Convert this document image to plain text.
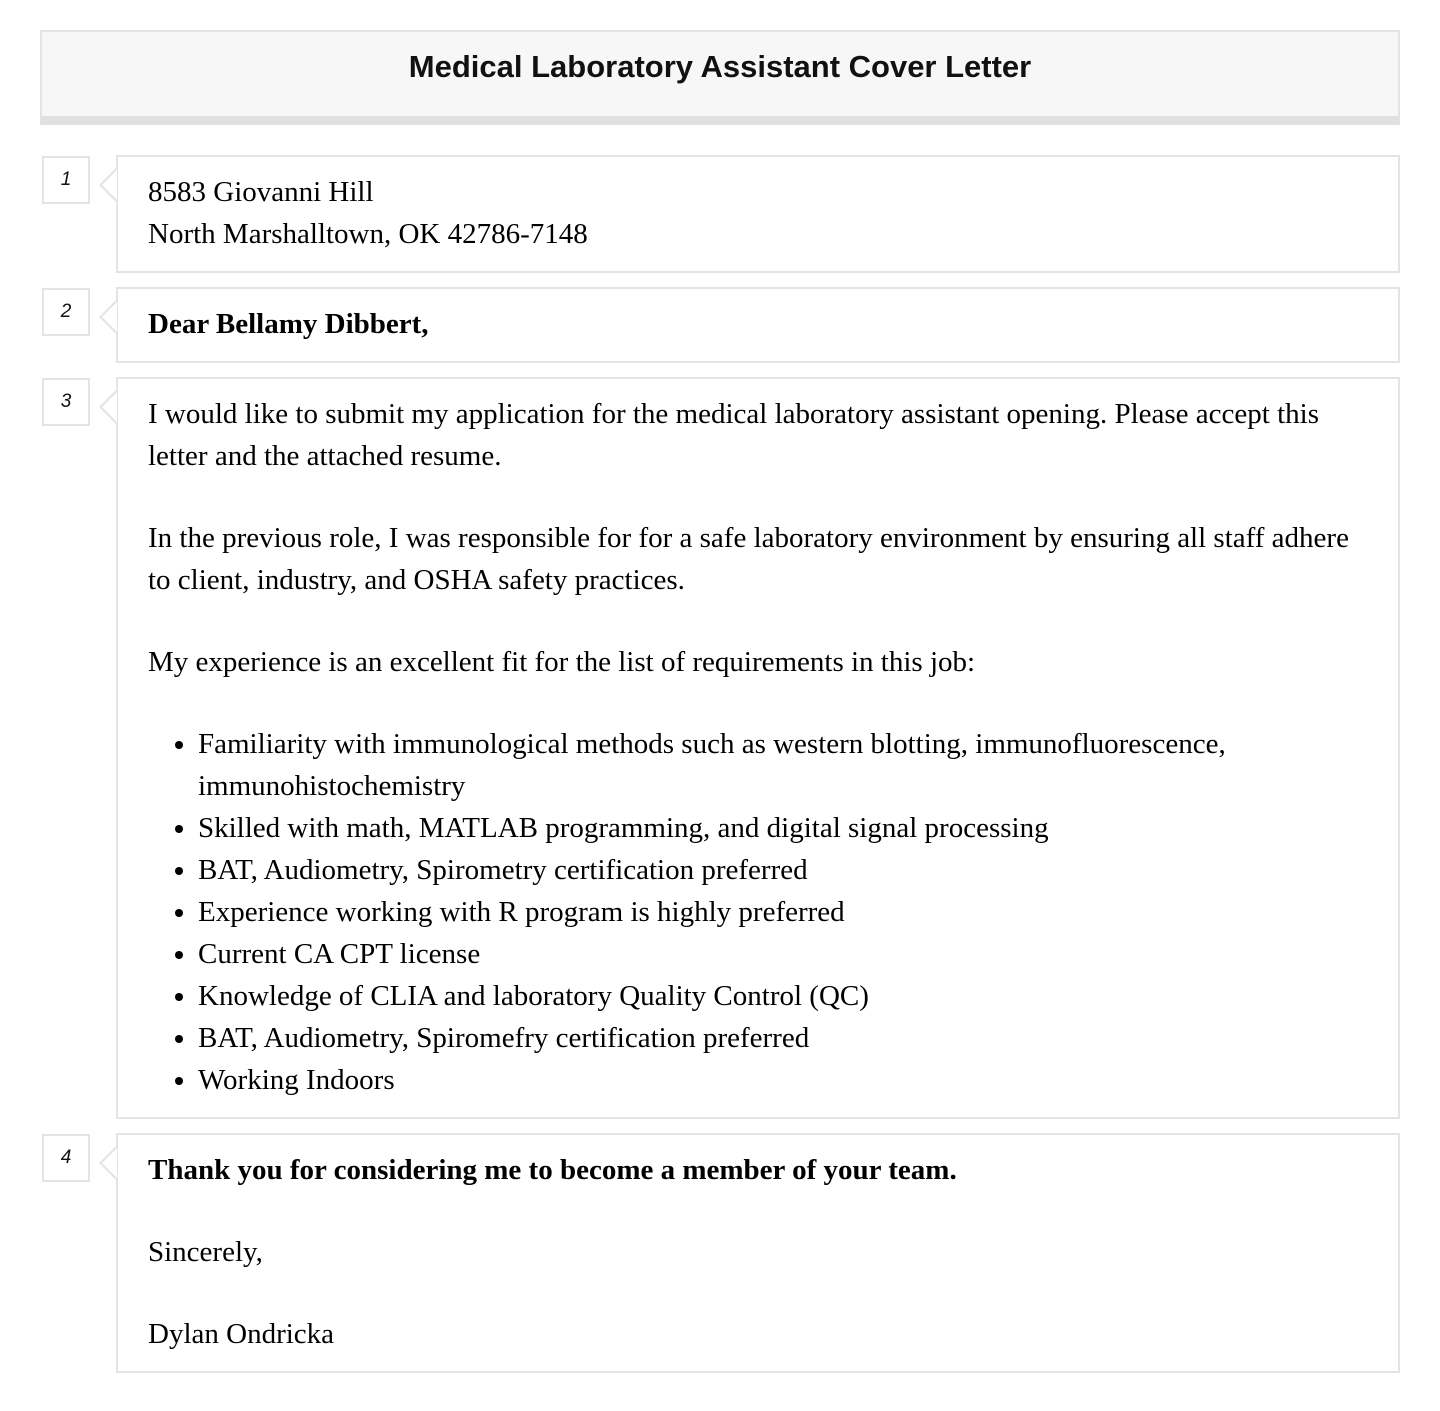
Medical Laboratory Assistant Cover Letter
1	8583 Giovanni Hill
North Marshalltown, OK 42786-7148
2	Dear Bellamy Dibbert,
3	I would like to submit my application for the medical laboratory assistant opening. Please accept this letter and the attached resume.
In the previous role, I was responsible for for a safe laboratory environment by ensuring all staff adhere to client, industry, and OSHA safety practices.
My experience is an excellent fit for the list of requirements in this job:
• Familiarity with immunological methods such as western blotting, immunofluorescence, immunohistochemistry
• Skilled with math, MATLAB programming, and digital signal processing
• BAT, Audiometry, Spirometry certification preferred
• Experience working with R program is highly preferred
• Current CA CPT license
• Knowledge of CLIA and laboratory Quality Control (QC)
• BAT, Audiometry, Spiromefry certification preferred
• Working Indoors
4	Thank you for considering me to become a member of your team.
Sincerely,
Dylan Ondricka
